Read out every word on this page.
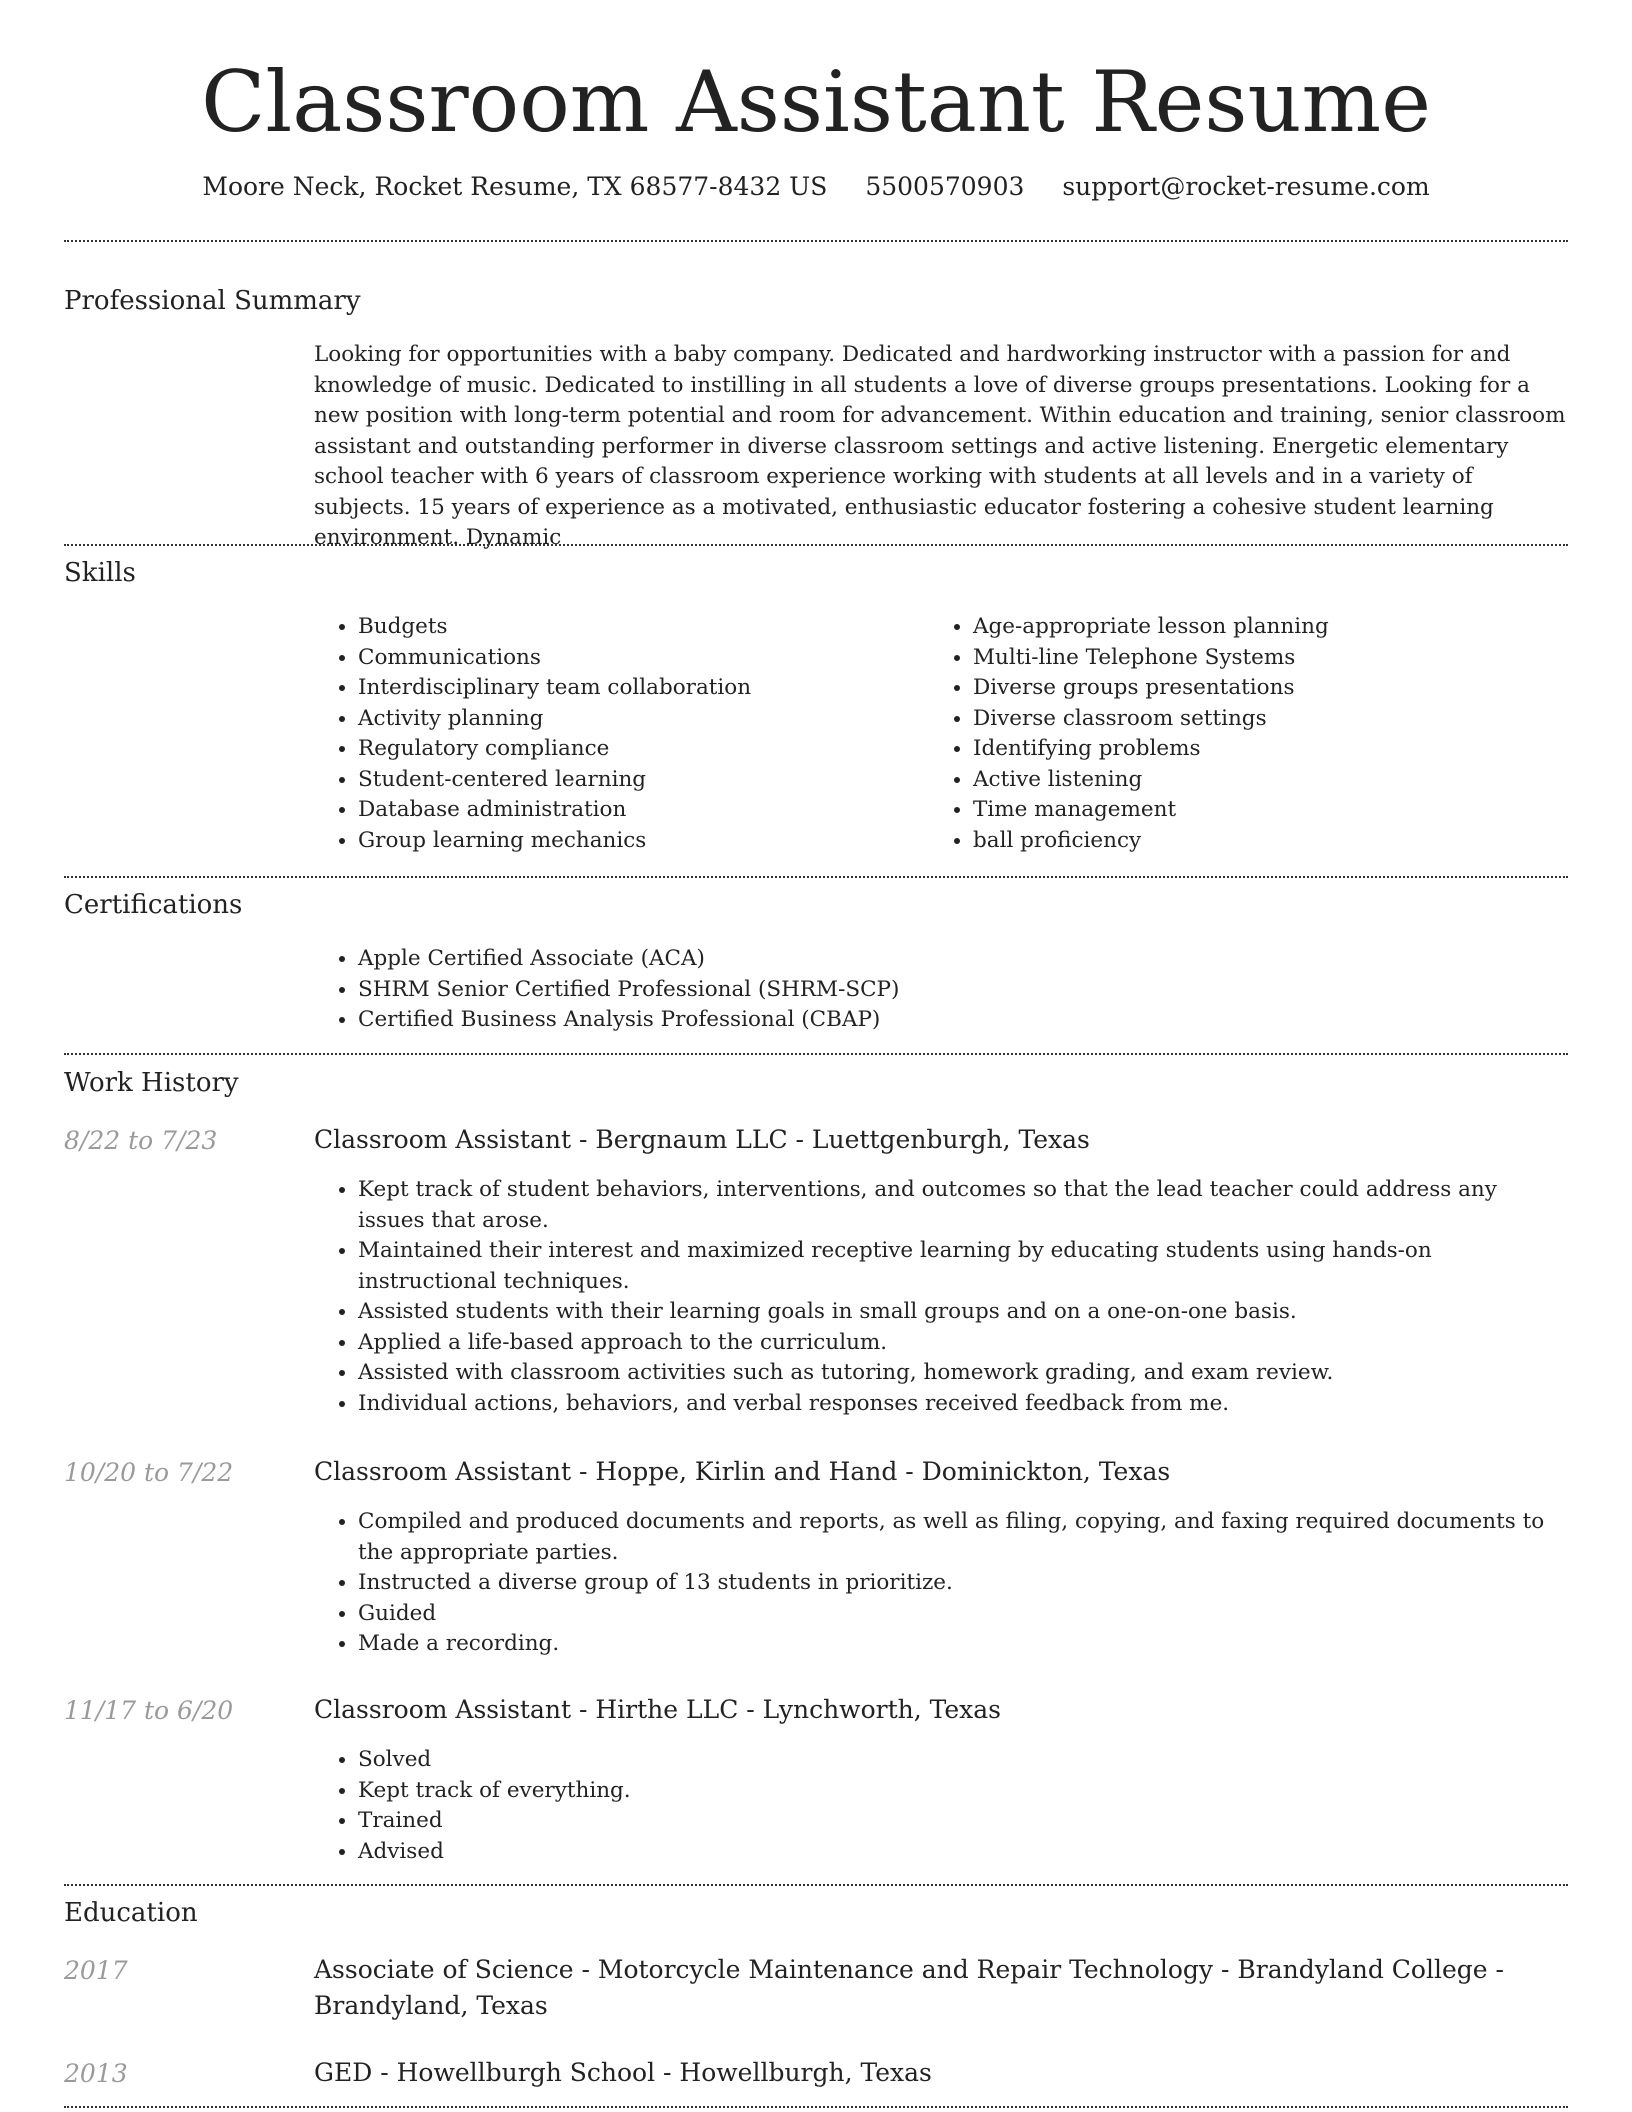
Classroom Assistant Resume
Moore Neck, Rocket Resume, TX 68577-8432 US 5500570903 support@rocket-resume.com
Professional Summary

Looking for opportunities with a baby company. Dedicated and hardworking instructor with a passion for and knowledge of music. Dedicated to instilling in all students a love of diverse groups presentations. Looking for a new position with long-term potential and room for advancement. Within education and training, senior classroom assistant and outstanding performer in diverse classroom settings and active listening. Energetic elementary school teacher with 6 years of classroom experience working with students at all levels and in a variety of subjects. 15 years of experience as a motivated, enthusiastic educator fostering a cohesive student learning environment. Dynamic

Skills
• Budgets
• Communications
• Interdisciplinary team collaboration
• Activity planning
• Regulatory compliance
• Student-centered learning
• Database administration
• Group learning mechanics
• Age-appropriate lesson planning
• Multi-line Telephone Systems
• Diverse groups presentations
• Diverse classroom settings
• Identifying problems
• Active listening
• Time management
• ball proficiency
Certifications
• Apple Certified Associate (ACA)
• SHRM Senior Certified Professional (SHRM-SCP)
• Certified Business Analysis Professional (CBAP)
Work History
8/22 to 7/23	Classroom Assistant - Bergnaum LLC - Luettgenburgh, Texas
• Kept track of student behaviors, interventions, and outcomes so that the lead teacher could address any issues that arose.
• Maintained their interest and maximized receptive learning by educating students using hands-on instructional techniques.
• Assisted students with their learning goals in small groups and on a one-on-one basis.
• Applied a life-based approach to the curriculum.
• Assisted with classroom activities such as tutoring, homework grading, and exam review.
• Individual actions, behaviors, and verbal responses received feedback from me.
10/20 to 7/22	Classroom Assistant - Hoppe, Kirlin and Hand - Dominickton, Texas
• Compiled and produced documents and reports, as well as filing, copying, and faxing required documents to the appropriate parties.
• Instructed a diverse group of 13 students in prioritize.
• Guided
• Made a recording.
11/17 to 6/20	Classroom Assistant - Hirthe LLC - Lynchworth, Texas
• Solved
• Kept track of everything.
• Trained
• Advised
Education
2017	Associate of Science - Motorcycle Maintenance and Repair Technology - Brandyland College - Brandyland, Texas
2013	GED - Howellburgh School - Howellburgh, Texas
